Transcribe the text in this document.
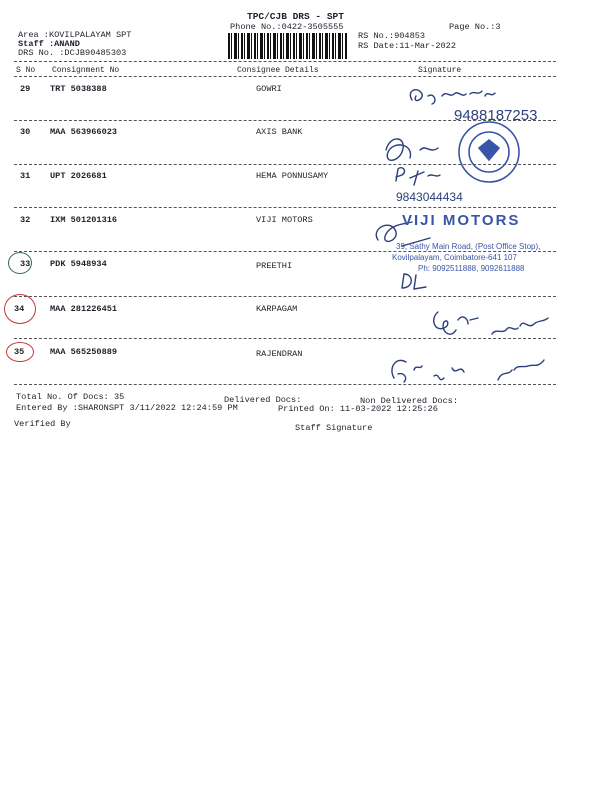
TPC/CJB DRS - SPT
Phone No.:0422-3505555	Page No.:3
Area :KOVILPALAYAM SPT
Staff :ANAND
DRS No. :DCJB90485303
RS No.:904853
RS Date:11-Mar-2022
S No Consignment No	Consignee Details	Signature
29 TRT 5038388	GOWRI
30 MAA 563966023	AXIS BANK
31 UPT 2026681	HEMA PONNUSAMY
32 IXM 501201316	VIJI MOTORS
33 PDK 5948934	PREETHI
34	MAA 281226451	KARPAGAM
35	MAA 565250889	RAJENDRAN
9488187253
9843044434
VIJI MOTORS
39, Sathy Main Road, (Post Office Stop),
Kovilpalayam, Coimbatore-641 107
Ph: 9092511888, 9092611888
Total No. Of Docs: 35	Delivered Docs:	Non Delivered Docs:
Entered By :SHARONSPT 3/11/2022 12:24:59 PM	Printed On: 11-03-2022 12:25:26
Verified By	Staff Signature
